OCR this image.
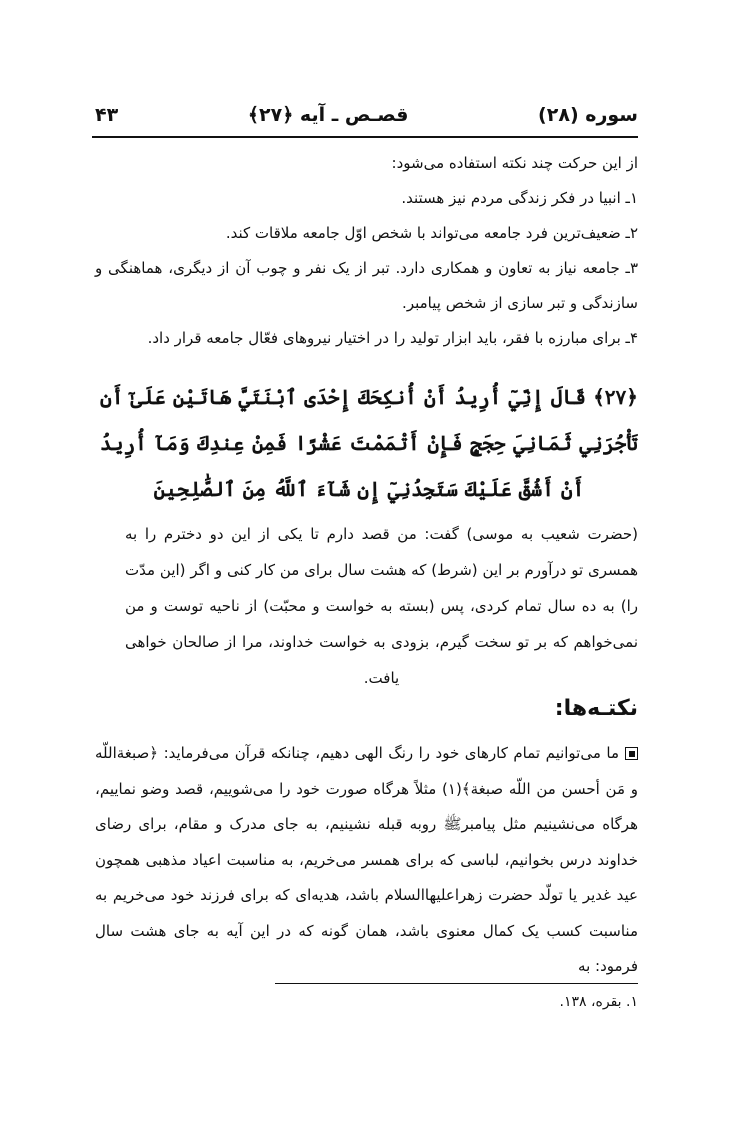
سوره (۲۸)
قصـص ـ آيه ﴿۲۷﴾
۴۳

از این حرکت چند نکته استفاده می‌شود:

۱ـ انبیا در فکر زندگی مردم نیز هستند.

۲ـ ضعیف‌ترین فرد جامعه می‌تواند با شخص اوّل جامعه ملاقات کند.

۳ـ جامعه نیاز به تعاون و همکاری دارد. تبر از یک نفر و چوب آن از دیگری، هماهنگی و سازندگی و تبر سازی از شخص پیامبر.

۴ـ برای مبارزه با فقر، باید ابزار تولید را در اختیار نیروهای فعّال جامعه قرار داد.

﴿۲۷﴾ قَالَ إِنِّيٓ أُرِيدُ أَنْ أُنكِحَكَ إِحْدَى ٱبْنَتَيَّ هَاتَيْنِ عَلَىٰٓ أَن تَأْجُرَنِي ثَمَانِيَ حِجَجٍ فَإِنْ أَتْمَمْتَ عَشْرًا فَمِنْ عِندِكَ وَمَآ أُرِيدُ أَنْ أَشُقَّ عَلَيْكَ سَتَجِدُنِيٓ إِن شَآءَ ٱللَّهُ مِنَ ٱلصَّٰلِحِينَ
(حضرت شعیب به موسی) گفت: من قصد دارم تا یکی از این دو دخترم را به همسری تو درآورم بر این (شرط) که هشت سال برای من کار کنی و اگر (این مدّت را) به ده سال تمام کردی، پس (بسته به خواست و محبّت) از ناحیه توست و من نمی‌خواهم که بر تو سخت گیرم، بزودی به خواست خداوند، مرا از صالحان خواهی یافت.
نکتـه‌ها:
ما می‌توانیم تمام کارهای خود را رنگ الهی دهیم، چنانکه قرآن می‌فرماید: ﴿صبغة‌اللّه و مَن أحسن من اللّه صبغة﴾(۱) مثلاً هرگاه صورت خود را می‌شوییم، قصد وضو نماییم، هرگاه می‌نشینیم مثل پیامبرﷺ روبه قبله نشینیم، به جای مدرک و مقام، برای رضای خداوند درس بخوانیم، لباسی که برای همسر می‌خریم، به مناسبت اعیاد مذهبی همچون عید غدیر یا تولّد حضرت زهراعليها‌السلام باشد، هدیه‌ای که برای فرزند خود می‌خریم به مناسبت کسب یک کمال معنوی باشد، همان گونه که در این آیه به جای هشت سال فرمود: به
۱. بقره، ۱۳۸.
